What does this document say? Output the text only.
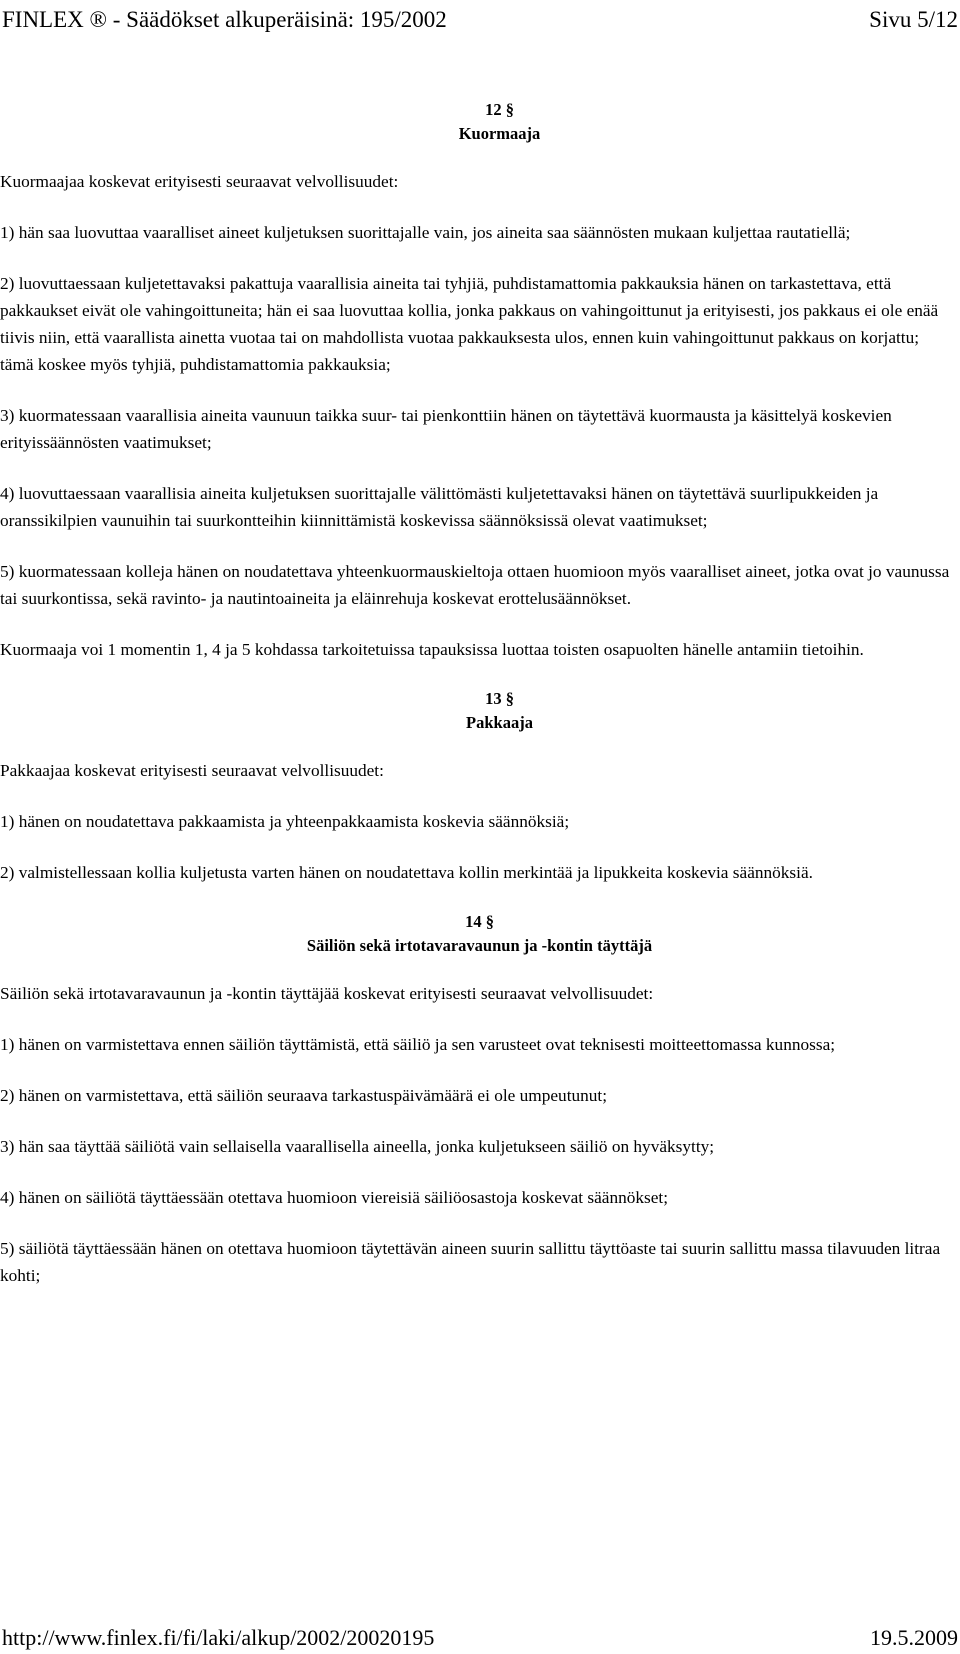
FINLEX ® - Säädökset alkuperäisinä: 195/2002	Sivu 5/12
12 §
Kuormaaja

Kuormaajaa koskevat erityisesti seuraavat velvollisuudet:

1) hän saa luovuttaa vaaralliset aineet kuljetuksen suorittajalle vain, jos aineita saa säännösten mukaan kuljettaa rautatiellä;

2) luovuttaessaan kuljetettavaksi pakattuja vaarallisia aineita tai tyhjiä, puhdistamattomia pakkauksia hänen on tarkastettava, että pakkaukset eivät ole vahingoittuneita; hän ei saa luovuttaa kollia, jonka pakkaus on vahingoittunut ja erityisesti, jos pakkaus ei ole enää tiivis niin, että vaarallista ainetta vuotaa tai on mahdollista vuotaa pakkauksesta ulos, ennen kuin vahingoittunut pakkaus on korjattu; tämä koskee myös tyhjiä, puhdistamattomia pakkauksia;

3) kuormatessaan vaarallisia aineita vaunuun taikka suur- tai pienkonttiin hänen on täytettävä kuormausta ja käsittelyä koskevien erityissäännösten vaatimukset;

4) luovuttaessaan vaarallisia aineita kuljetuksen suorittajalle välittömästi kuljetettavaksi hänen on täytettävä suurlipukkeiden ja oranssikilpien vaunuihin tai suurkontteihin kiinnittämistä koskevissa säännöksissä olevat vaatimukset;

5) kuormatessaan kolleja hänen on noudatettava yhteenkuormauskieltoja ottaen huomioon myös vaaralliset aineet, jotka ovat jo vaunussa tai suurkontissa, sekä ravinto- ja nautintoaineita ja eläinrehuja koskevat erottelusäännökset.

Kuormaaja voi 1 momentin 1, 4 ja 5 kohdassa tarkoitetuissa tapauksissa luottaa toisten osapuolten hänelle antamiin tietoihin.

13 §
Pakkaaja

Pakkaajaa koskevat erityisesti seuraavat velvollisuudet:

1) hänen on noudatettava pakkaamista ja yhteenpakkaamista koskevia säännöksiä;

2) valmistellessaan kollia kuljetusta varten hänen on noudatettava kollin merkintää ja lipukkeita koskevia säännöksiä.

14 §
Säiliön sekä irtotavaravaunun ja -kontin täyttäjä

Säiliön sekä irtotavaravaunun ja -kontin täyttäjää koskevat erityisesti seuraavat velvollisuudet:

1) hänen on varmistettava ennen säiliön täyttämistä, että säiliö ja sen varusteet ovat teknisesti moitteettomassa kunnossa;

2) hänen on varmistettava, että säiliön seuraava tarkastuspäivämäärä ei ole umpeutunut;

3) hän saa täyttää säiliötä vain sellaisella vaarallisella aineella, jonka kuljetukseen säiliö on hyväksytty;

4) hänen on säiliötä täyttäessään otettava huomioon viereisiä säiliöosastoja koskevat säännökset;

5) säiliötä täyttäessään hänen on otettava huomioon täytettävän aineen suurin sallittu täyttöaste tai suurin sallittu massa tilavuuden litraa kohti;

http://www.finlex.fi/fi/laki/alkup/2002/20020195	19.5.2009
